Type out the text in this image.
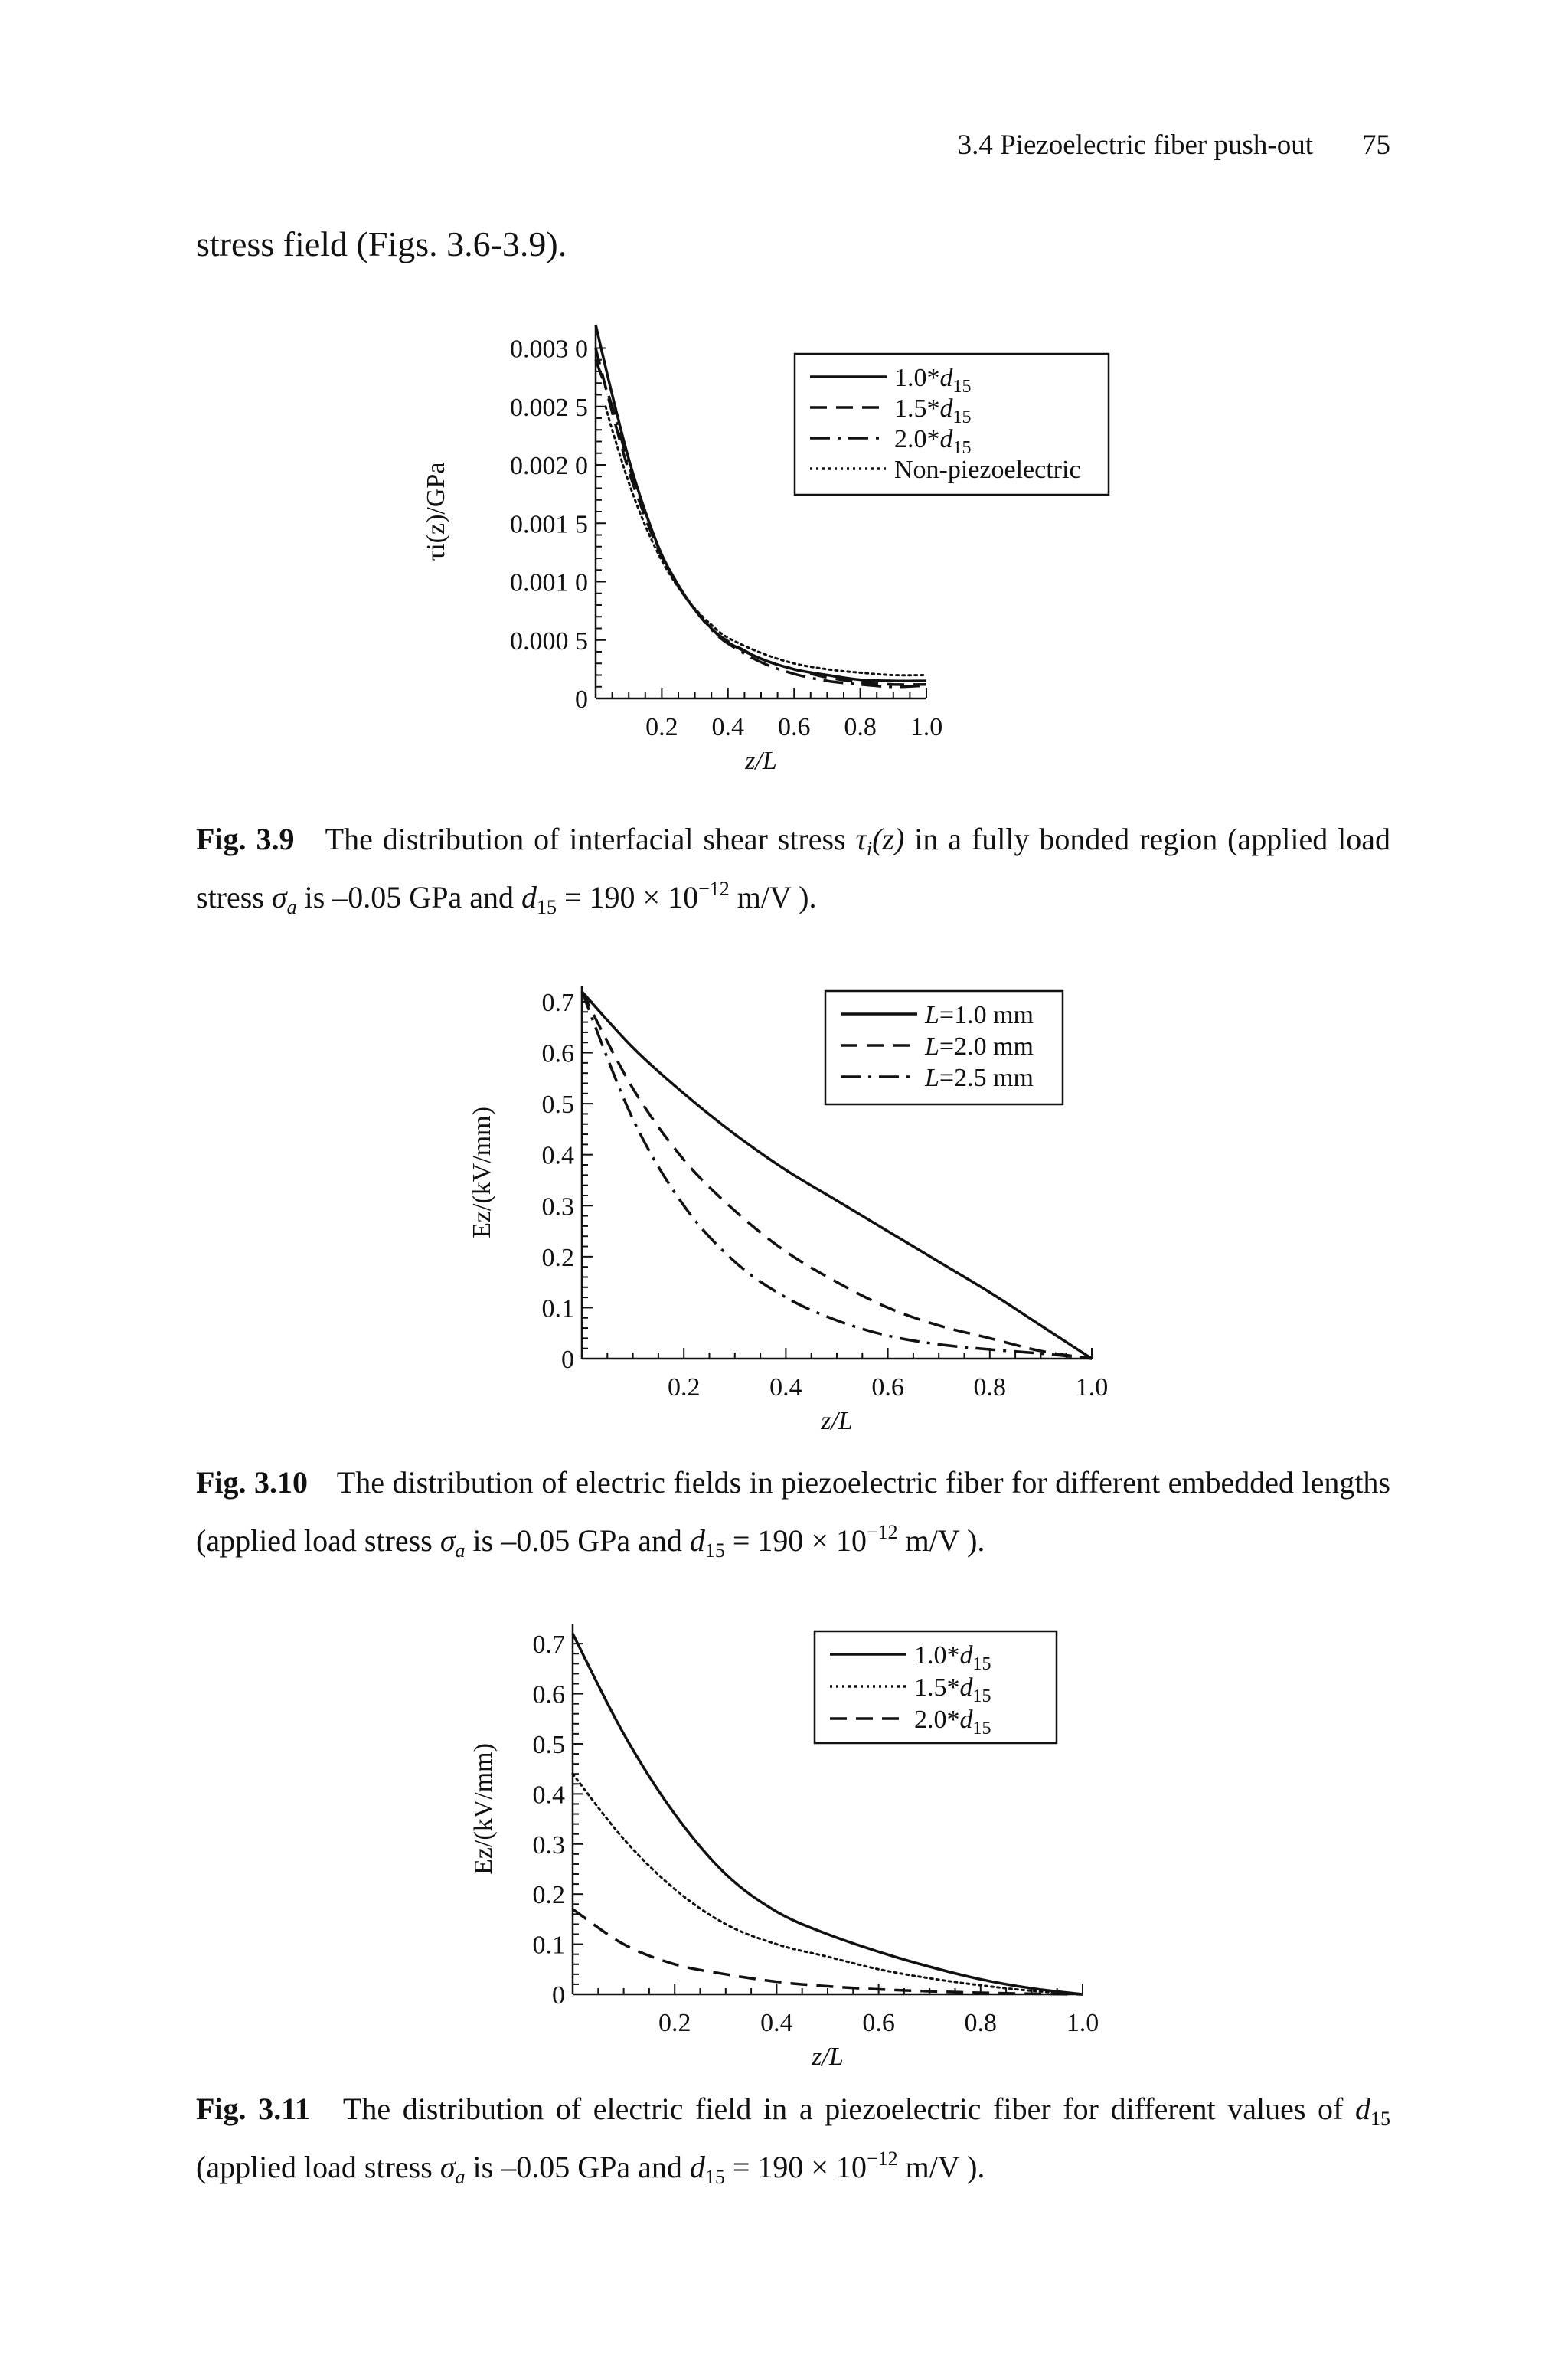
3.4 Piezoelectric fiber push-out 75
stress field (Figs. 3.6-3.9).
0.2 0.4 0.6 0.8 1.0
0
0.000 5
0.001 0
0.001 5
0.002 0
0.002 5
0.003 0
z/L
τi(z)/GPa
$1.0*d_{15}$
$1.5*d_{15}$
$2.0*d_{15}$
Non-piezoelectric
Fig. 3.9 The distribution of interfacial shear stress $\tau_i(z)$ in a fully bonded region (applied load stress $\sigma_a$ is –0.05 GPa and $d_{15} = 190 \times 10^{-12}$ m/V ).
0.2	0.4	0.6	0.8	1.0
0
0.1
0.2
0.3
0.4
0.5
0.6
0.7
z/L
Ez/(kV/mm)
L=1.0 mm
L=2.0 mm
L=2.5 mm
Fig. 3.10 The distribution of electric fields in piezoelectric fiber for different embedded lengths (applied load stress $\sigma_a$ is –0.05 GPa and $d_{15} = 190 \times 10^{-12}$ m/V ).
0.2	0.4	0.6	0.8	1.0
0
0.1
0.2
0.3
0.4
0.5
0.6
0.7
z/L
Ez/(kV/mm)
$1.0*d_{15}$
$1.5*d_{15}$
$2.0*d_{15}$
Fig. 3.11 The distribution of electric field in a piezoelectric fiber for different values of $d_{15}$ (applied load stress $\sigma_a$ is –0.05 GPa and $d_{15} = 190 \times 10^{-12}$ m/V ).
